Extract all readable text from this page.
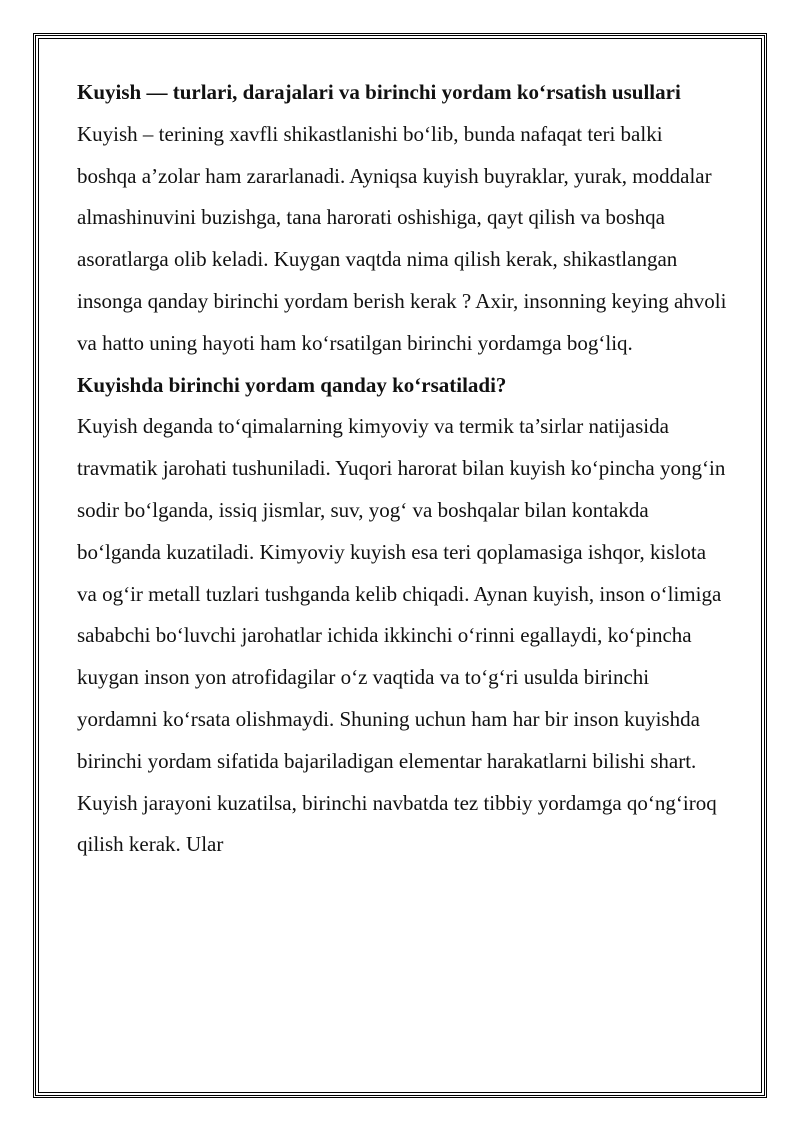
Kuyish — turlari, darajalari va birinchi yordam ko‘rsatish usullari

Kuyish – terining xavfli shikastlanishi bo‘lib, bunda nafaqat teri balki boshqa a’zolar ham zararlanadi. Ayniqsa kuyish buyraklar, yurak, moddalar almashinuvini buzishga, tana harorati oshishiga, qayt qilish va boshqa asoratlarga olib keladi. Kuygan vaqtda nima qilish kerak, shikastlangan insonga qanday birinchi yordam berish kerak ? Axir, insonning keying ahvoli va hatto uning hayoti ham ko‘rsatilgan birinchi yordamga bog‘liq.

Kuyishda birinchi yordam qanday ko‘rsatiladi?

Kuyish deganda to‘qimalarning kimyoviy va termik ta’sirlar natijasida travmatik jarohati tushuniladi. Yuqori harorat bilan kuyish ko‘pincha yong‘in sodir bo‘lganda, issiq jismlar, suv, yog‘ va boshqalar bilan kontakda bo‘lganda kuzatiladi. Kimyoviy kuyish esa teri qoplamasiga ishqor, kislota va og‘ir metall tuzlari tushganda kelib chiqadi. Aynan kuyish, inson o‘limiga sababchi bo‘luvchi jarohatlar ichida ikkinchi o‘rinni egallaydi, ko‘pincha kuygan inson yon atrofidagilar o‘z vaqtida va to‘g‘ri usulda birinchi yordamni ko‘rsata olishmaydi. Shuning uchun ham har bir inson kuyishda birinchi yordam sifatida bajariladigan elementar harakatlarni bilishi shart. Kuyish jarayoni kuzatilsa, birinchi navbatda tez tibbiy yordamga qo‘ng‘iroq qilish kerak. Ular
